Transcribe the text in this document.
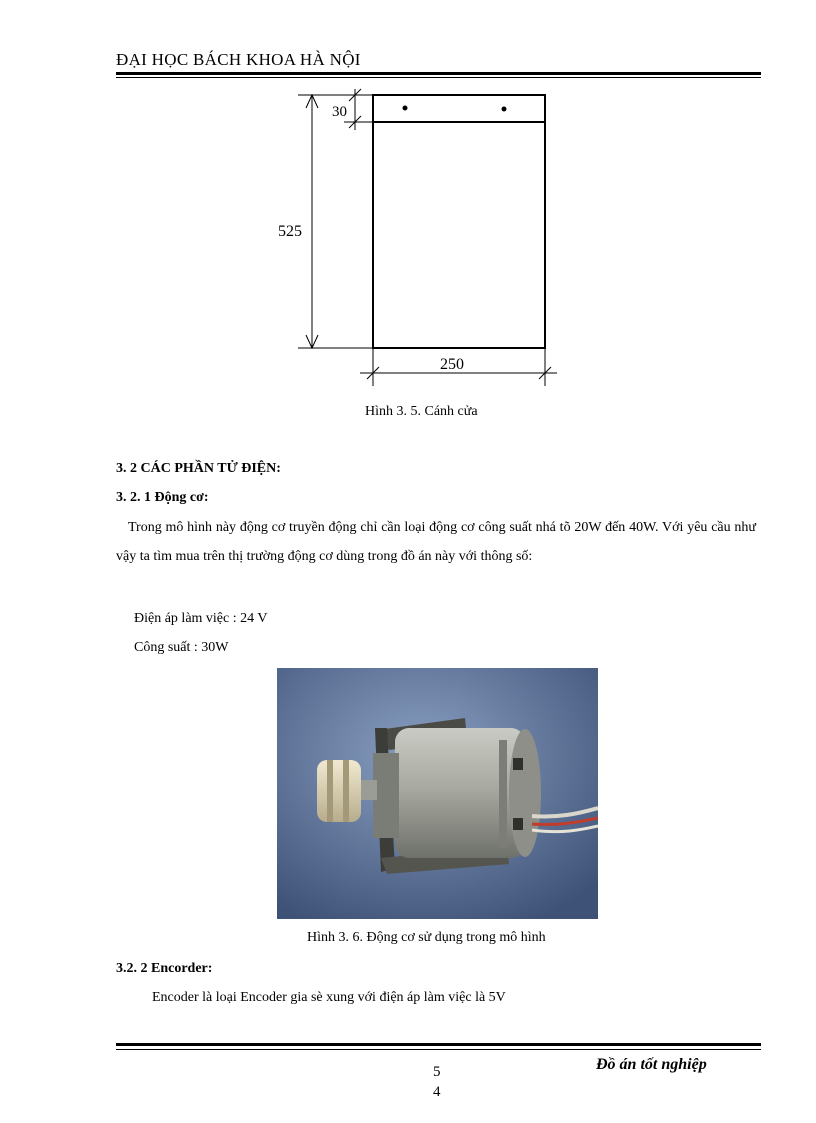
ĐẠI HỌC BÁCH KHOA HÀ NỘI
30
525
250
Hình 3. 5. Cánh cửa
3. 2 CÁC PHẦN TỬ ĐIỆN:
3. 2. 1 Động cơ:
Trong mô hình này động cơ truyền động chỉ cần loại động cơ công suất nhá tõ 20W đến 40W. Với yêu cầu như vậy ta tìm mua trên thị trường động cơ dùng trong đồ án này với thông số:
Điện áp làm việc : 24 V
Công suất : 30W
Hình 3. 6. Động cơ sử dụng trong mô hình
3.2. 2 Encorder:
Encoder là loại Encoder gia sè xung với điện áp làm việc là 5V
Đồ án tốt nghiệp
5
4
